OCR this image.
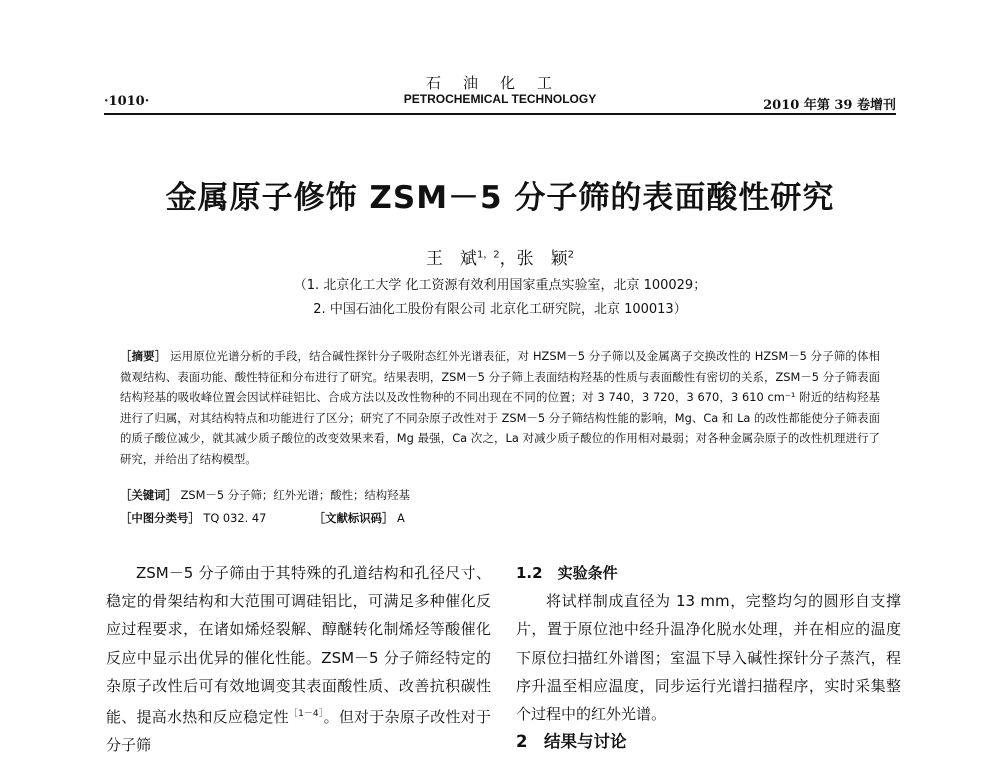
石油化工
PETROCHEMICAL TECHNOLOGY
·1010·	2010 年第 39 卷增刊
金属原子修饰 ZSM－5 分子筛的表面酸性研究
王　斌$^{1,2}$，张　颖$^2$
（1. 北京化工大学 化工资源有效利用国家重点实验室，北京 100029；
2. 中国石油化工股份有限公司 北京化工研究院，北京 100013）
［摘要］ 运用原位光谱分析的手段，结合碱性探针分子吸附态红外光谱表征，对 HZSM－5 分子筛以及金属离子交换改性的 HZSM－5 分子筛的体相微观结构、表面功能、酸性特征和分布进行了研究。结果表明，ZSM－5 分子筛上表面结构羟基的性质与表面酸性有密切的关系，ZSM－5 分子筛表面结构羟基的吸收峰位置会因试样硅铝比、合成方法以及改性物种的不同出现在不同的位置；对 3 740，3 720，3 670，3 610 cm⁻¹ 附近的结构羟基进行了归属，对其结构特点和功能进行了区分；研究了不同杂原子改性对于 ZSM－5 分子筛结构性能的影响，Mg、Ca 和 La 的改性都能使分子筛表面的质子酸位减少，就其减少质子酸位的改变效果来看，Mg 最强，Ca 次之，La 对减少质子酸位的作用相对最弱；对各种金属杂原子的改性机理进行了研究，并给出了结构模型。
［关键词］ ZSM－5 分子筛；红外光谱；酸性；结构羟基
［中图分类号］ TQ 032. 47	［文献标识码］ A

ZSM－5 分子筛由于其特殊的孔道结构和孔径尺寸、稳定的骨架结构和大范围可调硅铝比，可满足多种催化反应过程要求，在诸如烯烃裂解、醇醚转化制烯烃等酸催化反应中显示出优异的催化性能。ZSM－5 分子筛经特定的杂原子改性后可有效地调变其表面酸性质、改善抗积碳性能、提高水热和反应稳定性$^{[1-4]}$。但对于杂原子改性对于分子筛

1.2　实验条件

将试样制成直径为 13 mm，完整均匀的圆形自支撑片，置于原位池中经升温净化脱水处理，并在相应的温度下原位扫描红外谱图；室温下导入碱性探针分子蒸汽，程序升温至相应温度，同步运行光谱扫描程序，实时采集整个过程中的红外光谱。

2　结果与讨论
